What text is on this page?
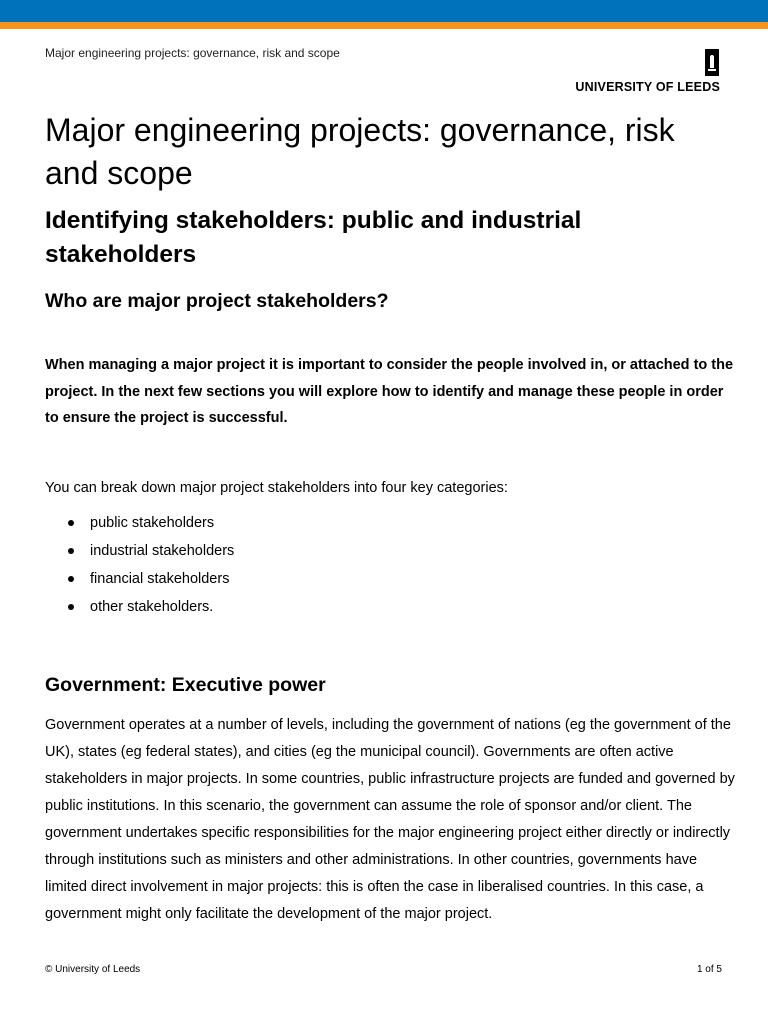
Major engineering projects: governance, risk and scope
UNIVERSITY OF LEEDS
Major engineering projects: governance, risk and scope
Identifying stakeholders: public and industrial stakeholders
Who are major project stakeholders?

When managing a major project it is important to consider the people involved in, or attached to the project. In the next few sections you will explore how to identify and manage these people in order to ensure the project is successful.

You can break down major project stakeholders into four key categories:

public stakeholders
industrial stakeholders
financial stakeholders
other stakeholders.
Government: Executive power

Government operates at a number of levels, including the government of nations (eg the government of the UK), states (eg federal states), and cities (eg the municipal council). Governments are often active stakeholders in major projects. In some countries, public infrastructure projects are funded and governed by public institutions. In this scenario, the government can assume the role of sponsor and/or client. The government undertakes specific responsibilities for the major engineering project either directly or indirectly through institutions such as ministers and other administrations. In other countries, governments have limited direct involvement in major projects: this is often the case in liberalised countries. In this case, a government might only facilitate the development of the major project.

© University of Leeds	1 of 5
